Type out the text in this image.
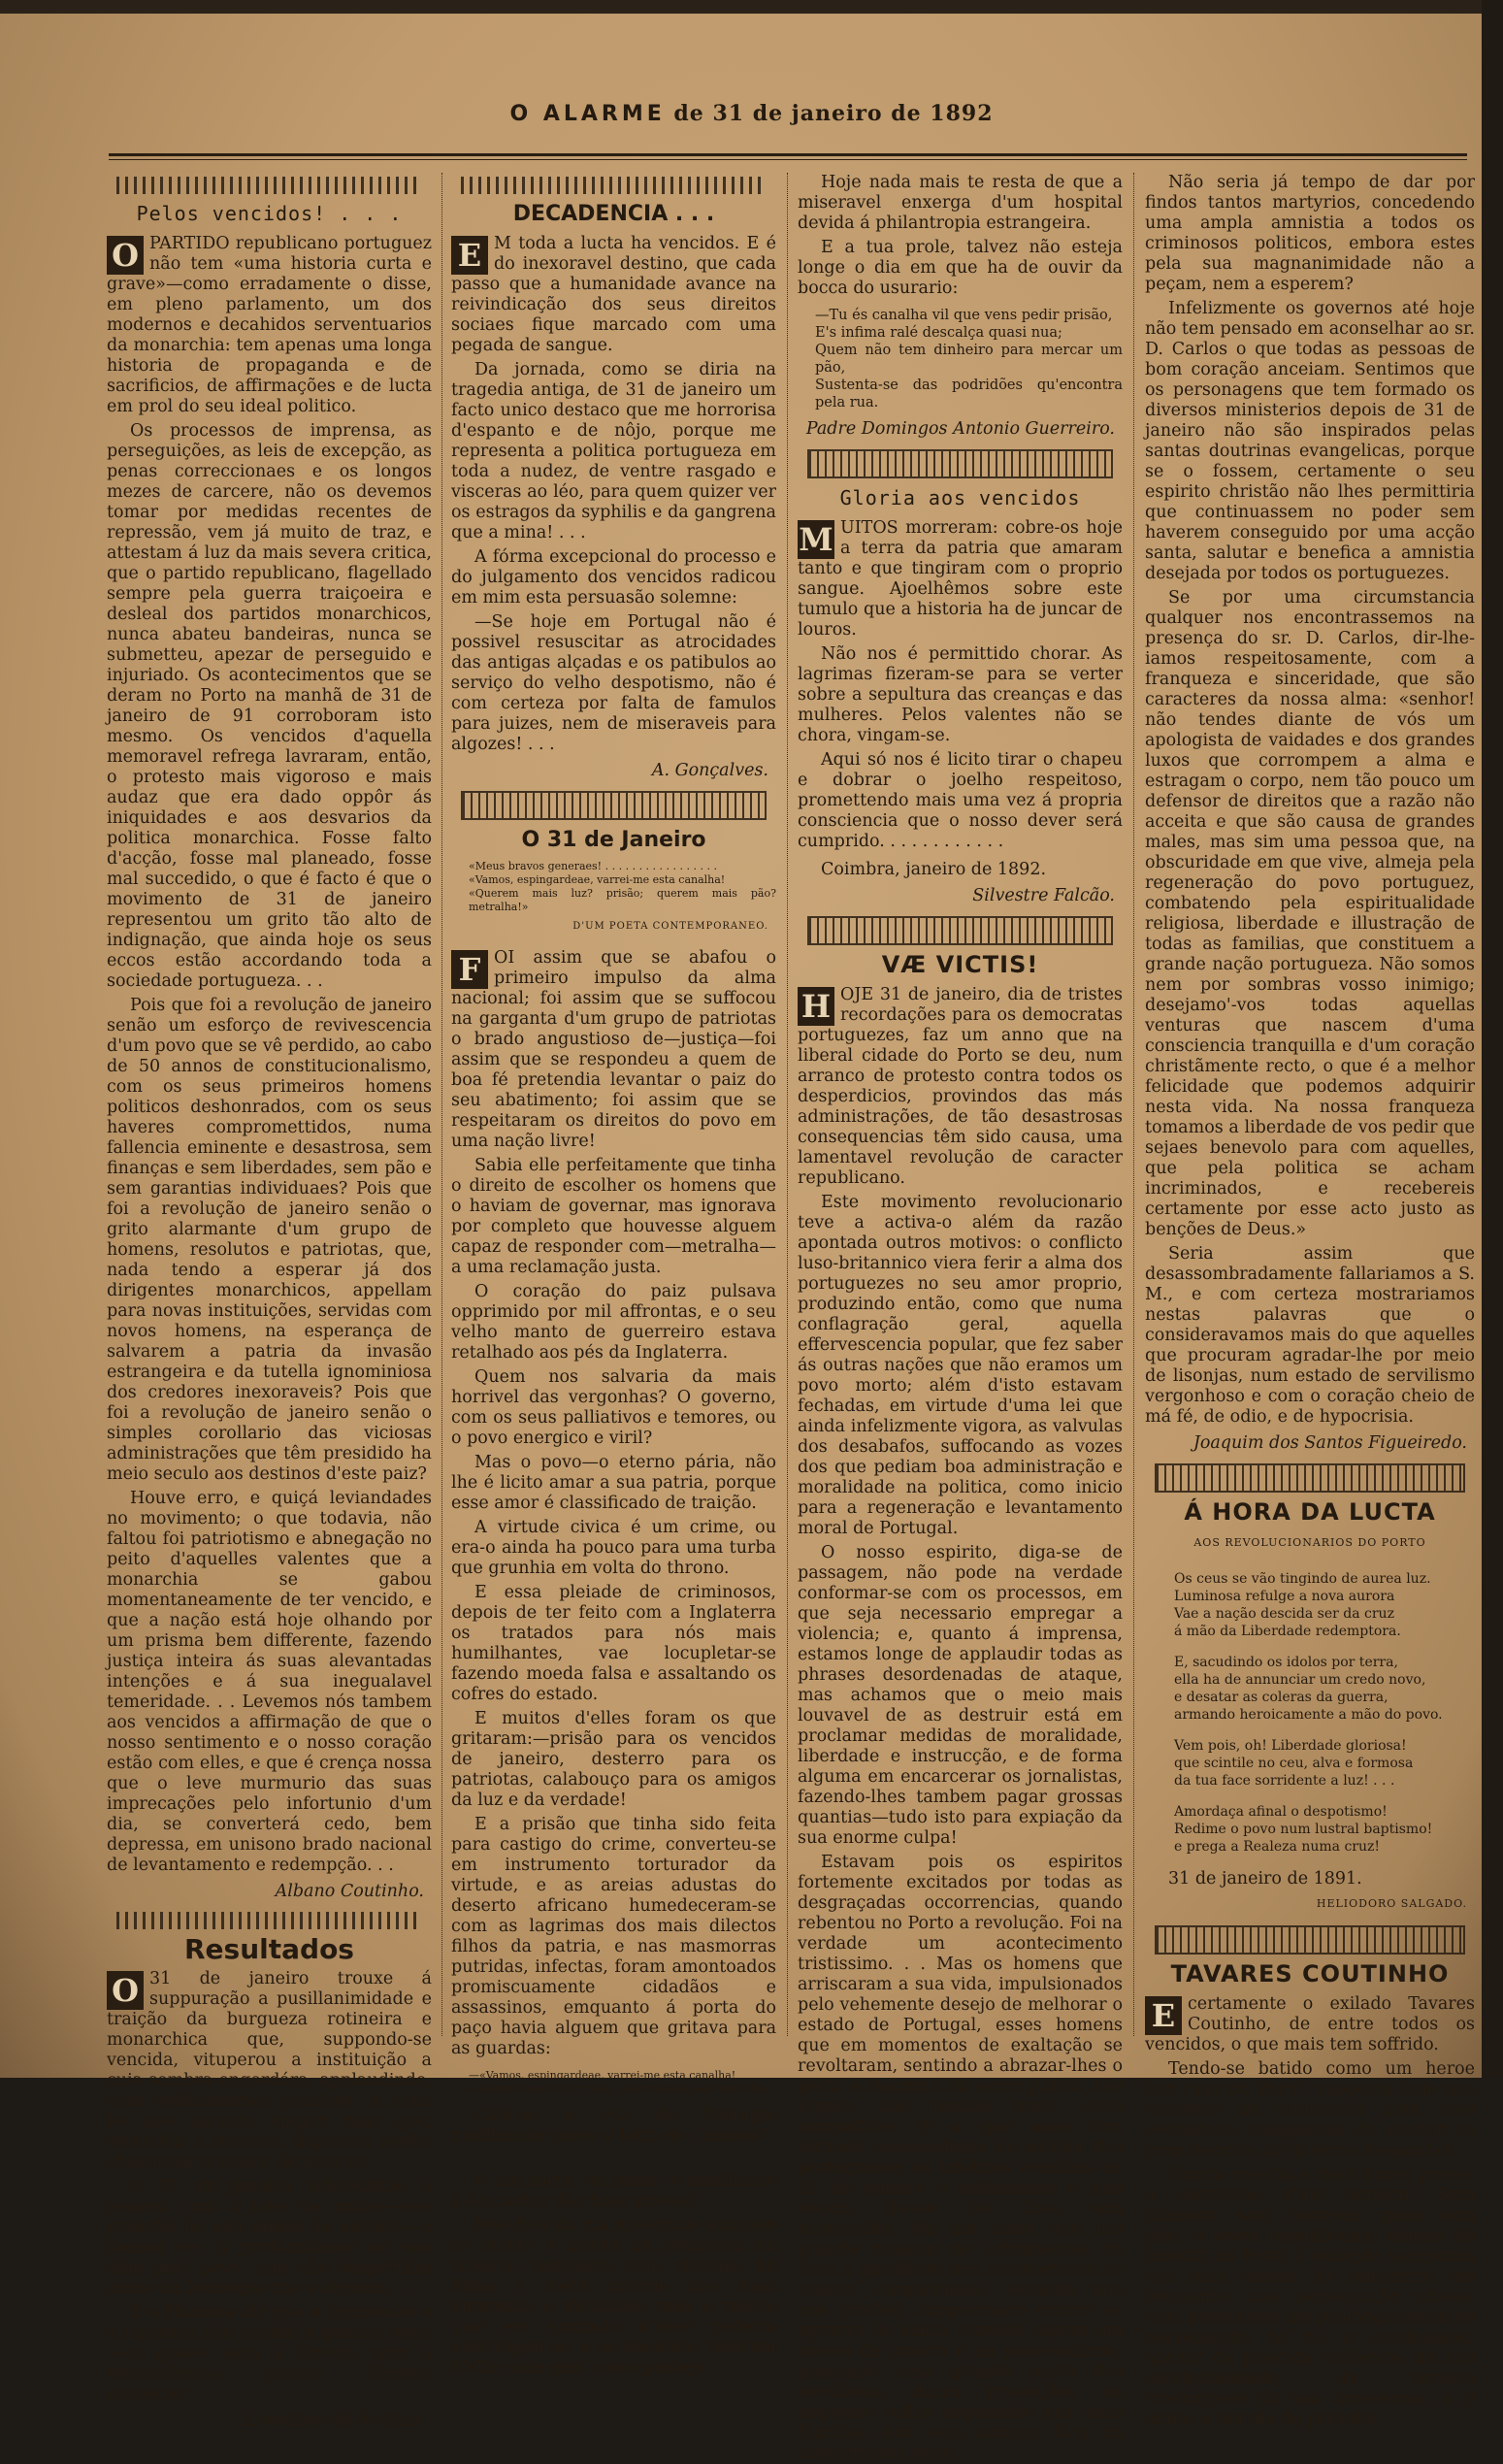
O ALARME de 31 de janeiro de 1892
Pelos vencidos! . . .

O PARTIDO republicano portuguez não tem «uma historia curta e grave»—como erradamente o disse, em pleno parlamento, um dos modernos e decahidos serventuarios da monarchia: tem apenas uma longa historia de propaganda e de sacrificios, de affirmações e de lucta em prol do seu ideal politico.

Os processos de imprensa, as perseguições, as leis de excepção, as penas correccionaes e os longos mezes de carcere, não os devemos tomar por medidas recentes de repressão, vem já muito de traz, e attestam á luz da mais severa critica, que o partido republicano, flagellado sempre pela guerra traiçoeira e desleal dos partidos monarchicos, nunca abateu bandeiras, nunca se submetteu, apezar de perseguido e injuriado. Os acontecimentos que se deram no Porto na manhã de 31 de janeiro de 91 corroboram isto mesmo. Os vencidos d'aquella memoravel refrega lavraram, então, o protesto mais vigoroso e mais audaz que era dado oppôr ás iniquidades e aos desvarios da politica monarchica. Fosse falto d'acção, fosse mal planeado, fosse mal succedido, o que é facto é que o movimento de 31 de janeiro representou um grito tão alto de indignação, que ainda hoje os seus eccos estão accordando toda a sociedade portugueza. . .

Pois que foi a revolução de janeiro senão um esforço de revivescencia d'um povo que se vê perdido, ao cabo de 50 annos de constitucionalismo, com os seus primeiros homens politicos deshonrados, com os seus haveres compromettidos, numa fallencia eminente e desastrosa, sem finanças e sem liberdades, sem pão e sem garantias individuaes? Pois que foi a revolução de janeiro senão o grito alarmante d'um grupo de homens, resolutos e patriotas, que, nada tendo a esperar já dos dirigentes monarchicos, appellam para novas instituições, servidas com novos homens, na esperança de salvarem a patria da invasão estrangeira e da tutella ignominiosa dos credores inexoraveis? Pois que foi a revolução de janeiro senão o simples corollario das viciosas administrações que têm presidido ha meio seculo aos destinos d'este paiz?

Houve erro, e quiçá leviandades no movimento; o que todavia, não faltou foi patriotismo e abnegação no peito d'aquelles valentes que a monarchia se gabou momentaneamente de ter vencido, e que a nação está hoje olhando por um prisma bem differente, fazendo justiça inteira ás suas alevantadas intenções e á sua inegualavel temeridade. . . Levemos nós tambem aos vencidos a affirmação de que o nosso sentimento e o nosso coração estão com elles, e que é crença nossa que o leve murmurio das suas imprecações pelo infortunio d'um dia, se converterá cedo, bem depressa, em unisono brado nacional de levantamento e redempção. . .

Albano Coutinho.

Resultados

O 31 de janeiro trouxe á suppuração a pusillanimidade e traição da burgueza rotineira e monarchica que, suppondo-se vencida, vituperou a instituição a cuja sombra engordára, applaudindo, com enthusiasmos postiços, a nova lei que parecia vingar, mas que, invertida a fortuna, depressa soube chasquear e cuspir de injurias.

O 31 de janeiro sobresaltou a realeza com a idêa de exilio—leve punição do seu abuso de seculos—e deixou ver a profundidade de seu odio pelo povo, que não despertára ainda da lethargia que o abysma. . .

E a Historia diz que a oppressão e a injustiça são capital a ganhar juros—os quaes nem a Ordem nem a Benevolencia jámais fizeram esquecer.

Lomelino de Freitas.

DECADENCIA . . .

E M toda a lucta ha vencidos. E é do inexoravel destino, que cada passo que a humanidade avance na reivindicação dos seus direitos sociaes fique marcado com uma pegada de sangue.

Da jornada, como se diria na tragedia antiga, de 31 de janeiro um facto unico destaco que me horrorisa d'espanto e de nôjo, porque me representa a politica portugueza em toda a nudez, de ventre rasgado e visceras ao léo, para quem quizer ver os estragos da syphilis e da gangrena que a mina! . . .

A fórma excepcional do processo e do julgamento dos vencidos radicou em mim esta persuasão solemne:

—Se hoje em Portugal não é possivel resuscitar as atrocidades das antigas alçadas e os patibulos ao serviço do velho despotismo, não é com certeza por falta de famulos para juizes, nem de miseraveis para algozes! . . .

A. Gonçalves.

O 31 de Janeiro

«Meus bravos generaes! . . . . . . . . . . . . . . . . .

«Vamos, espingardeae, varrei-me esta canalha!

«Querem mais luz? prisão; querem mais pão? metralha!»

D'UM POETA CONTEMPORANEO.

F OI assim que se abafou o primeiro impulso da alma nacional; foi assim que se suffocou na garganta d'um grupo de patriotas o brado angustioso de—justiça—foi assim que se respondeu a quem de boa fé pretendia levantar o paiz do seu abatimento; foi assim que se respeitaram os direitos do povo em uma nação livre!

Sabia elle perfeitamente que tinha o direito de escolher os homens que o haviam de governar, mas ignorava por completo que houvesse alguem capaz de responder com—metralha—a uma reclamação justa.

O coração do paiz pulsava opprimido por mil affrontas, e o seu velho manto de guerreiro estava retalhado aos pés da Inglaterra.

Quem nos salvaria da mais horrivel das vergonhas? O governo, com os seus palliativos e temores, ou o povo energico e viril?

Mas o povo—o eterno pária, não lhe é licito amar a sua patria, porque esse amor é classificado de traição.

A virtude civica é um crime, ou era-o ainda ha pouco para uma turba que grunhia em volta do throno.

E essa pleiade de criminosos, depois de ter feito com a Inglaterra os tratados para nós mais humilhantes, vae locupletar-se fazendo moeda falsa e assaltando os cofres do estado.

E muitos d'elles foram os que gritaram:—prisão para os vencidos de janeiro, desterro para os patriotas, calabouço para os amigos da luz e da verdade!

E a prisão que tinha sido feita para castigo do crime, converteu-se em instrumento torturador da virtude, e as areias adustas do deserto africano humedeceram-se com as lagrimas dos mais dilectos filhos da patria, e nas masmorras putridas, infectas, foram amontoados promiscuamente cidadãos e assassinos, emquanto á porta do paço havia alguem que gritava para as guardas:

—«Vamos, espingardeae, varrei-me esta canalha!

«Querem mais luz? prisão; querem mais pão? metralha.

Cale-se a voz do Portugal moribundo sobre o leito de Camões! . . .

A tua sorte, oh reino! é similhante á do cantor das tuas glorias!

Nos dias da tua juventude sulcaste os mares e araste as campinas do oceano; pelejaste com denodo na India e foste grande nas tuas emprezas e dominios; mas o manto que era symbolo d'esse poderio esfarrapou-se, e os bandidos levaram d'elle cada qual o seu pedaço.

Hoje nada mais te resta de que a miseravel enxerga d'um hospital devida á philantropia estrangeira.

E a tua prole, talvez não esteja longe o dia em que ha de ouvir da bocca do usurario:

—Tu és canalha vil que vens pedir prisão,
E's infima ralé descalça quasi nua;
Quem não tem dinheiro para mercar um pão,
Sustenta-se das podridões qu'encontra pela rua.

Padre Domingos Antonio Guerreiro.

Gloria aos vencidos

M UITOS morreram: cobre-os hoje a terra da patria que amaram tanto e que tingiram com o proprio sangue. Ajoelhêmos sobre este tumulo que a historia ha de juncar de louros.

Não nos é permittido chorar. As lagrimas fizeram-se para se verter sobre a sepultura das creanças e das mulheres. Pelos valentes não se chora, vingam-se.

Aqui só nos é licito tirar o chapeu e dobrar o joelho respeitoso, promettendo mais uma vez á propria consciencia que o nosso dever será cumprido. . . . . . . . . . . .

Coimbra, janeiro de 1892.

Silvestre Falcão.

VÆ VICTIS!

H OJE 31 de janeiro, dia de tristes recordações para os democratas portuguezes, faz um anno que na liberal cidade do Porto se deu, num arranco de protesto contra todos os desperdicios, provindos das más administrações, de tão desastrosas consequencias têm sido causa, uma lamentavel revolução de caracter republicano.

Este movimento revolucionario teve a activa-o além da razão apontada outros motivos: o conflicto luso-britannico viera ferir a alma dos portuguezes no seu amor proprio, produzindo então, como que numa conflagração geral, aquella effervescencia popular, que fez saber ás outras nações que não eramos um povo morto; além d'isto estavam fechadas, em virtude d'uma lei que ainda infelizmente vigora, as valvulas dos desabafos, suffocando as vozes dos que pediam boa administração e moralidade na politica, como inicio para a regeneração e levantamento moral de Portugal.

O nosso espirito, diga-se de passagem, não pode na verdade conformar-se com os processos, em que seja necessario empregar a violencia; e, quanto á imprensa, estamos longe de applaudir todas as phrases desordenadas de ataque, mas achamos que o meio mais louvavel de as destruir está em proclamar medidas de moralidade, liberdade e instrucção, e de forma alguma em encarcerar os jornalistas, fazendo-lhes tambem pagar grossas quantias—tudo isto para expiação da sua enorme culpa!

Estavam pois os espiritos fortemente excitados por todas as desgraçadas occorrencias, quando rebentou no Porto a revolução. Foi na verdade um acontecimento tristissimo. . . Mas os homens que arriscaram a sua vida, impulsionados pelo vehemente desejo de melhorar o estado de Portugal, esses homens que em momentos de exaltação se revoltaram, sentindo a abrazar-lhes o peito a chamma do amor patrio, são dignos das nossas mais vivas sympathias. E o que mais tem tornado merecedores da estima dos portuguezes os infelizes vencidos de 31 de janeiro é certamente o que depois d'esse dia lhes tem acontecido. Ha um anno que um grande numero de soffrimentos de toda a qualidade tem atormentado os nossos compatriotas, estando uns nas prisões, supportando outros as agruras do exilio, jazendo alguns em navios de guerra e na penitenciaria, passando uma grande parte dos revoltosos duras provações no degredo—todos separados das suas familias, dos seus amigos, fóra do conforto dos seus!

Não seria já tempo de dar por findos tantos martyrios, concedendo uma ampla amnistia a todos os criminosos politicos, embora estes pela sua magnanimidade não a peçam, nem a esperem?

Infelizmente os governos até hoje não tem pensado em aconselhar ao sr. D. Carlos o que todas as pessoas de bom coração anceiam. Sentimos que os personagens que tem formado os diversos ministerios depois de 31 de janeiro não são inspirados pelas santas doutrinas evangelicas, porque se o fossem, certamente o seu espirito christão não lhes permittiria que continuassem no poder sem haverem conseguido por uma acção santa, salutar e benefica a amnistia desejada por todos os portuguezes.

Se por uma circumstancia qualquer nos encontrassemos na presença do sr. D. Carlos, dir-lhe-iamos respeitosamente, com a franqueza e sinceridade, que são caracteres da nossa alma: «senhor! não tendes diante de vós um apologista de vaidades e dos grandes luxos que corrompem a alma e estragam o corpo, nem tão pouco um defensor de direitos que a razão não acceita e que são causa de grandes males, mas sim uma pessoa que, na obscuridade em que vive, almeja pela regeneração do povo portuguez, combatendo pela espiritualidade religiosa, liberdade e illustração de todas as familias, que constituem a grande nação portugueza. Não somos nem por sombras vosso inimigo; desejamo'-vos todas aquellas venturas que nascem d'uma consciencia tranquilla e d'um coração christãmente recto, o que é a melhor felicidade que podemos adquirir nesta vida. Na nossa franqueza tomamos a liberdade de vos pedir que sejaes benevolo para com aquelles, que pela politica se acham incriminados, e recebereis certamente por esse acto justo as benções de Deus.»

Seria assim que desassombradamente fallariamos a S. M., e com certeza mostrariamos nestas palavras que o consideravamos mais do que aquelles que procuram agradar-lhe por meio de lisonjas, num estado de servilismo vergonhoso e com o coração cheio de má fé, de odio, e de hypocrisia.

Joaquim dos Santos Figueiredo.

Á HORA DA LUCTA
AOS REVOLUCIONARIOS DO PORTO
Os ceus se vão tingindo de aurea luz.
Luminosa refulge a nova aurora
Vae a nação descida ser da cruz
á mão da Liberdade redemptora.
E, sacudindo os idolos por terra,
ella ha de annunciar um credo novo,
e desatar as coleras da guerra,
armando heroicamente a mão do povo.
Vem pois, oh! Liberdade gloriosa!
que scintile no ceu, alva e formosa
da tua face sorridente a luz! . . .
Amordaça afinal o despotismo!
Redime o povo num lustral baptismo!
e prega a Realeza numa cruz!

31 de janeiro de 1891.

HELIODORO SALGADO.
TAVARES COUTINHO

E certamente o exilado Tavares Coutinho, de entre todos os vencidos, o que mais tem soffrido.

Tendo-se batido como um heroe nas ruas do Porto, supporta hoje nas enxovias de Santander com uma verdadeira resignação de martyr as prepotencias do governo hespanhol.

Nunca resistiu a mais duras provas a convicção d'um homem! Sem dinheiro, sem recursos, quasi sem pão, o joven republicano, depois de assistir no Porto á violação sangrenta dos seus ideaes, foi encontrar em Hespanha uma perseguição odiosa, que, parecendo um prolongamento da perseguição de cá, o condemnou, apezar da provada evidencia da sua inculpabilidade, da certeza irrefragavel da sua innocencia, a 8 annos e um dia de presidio.
